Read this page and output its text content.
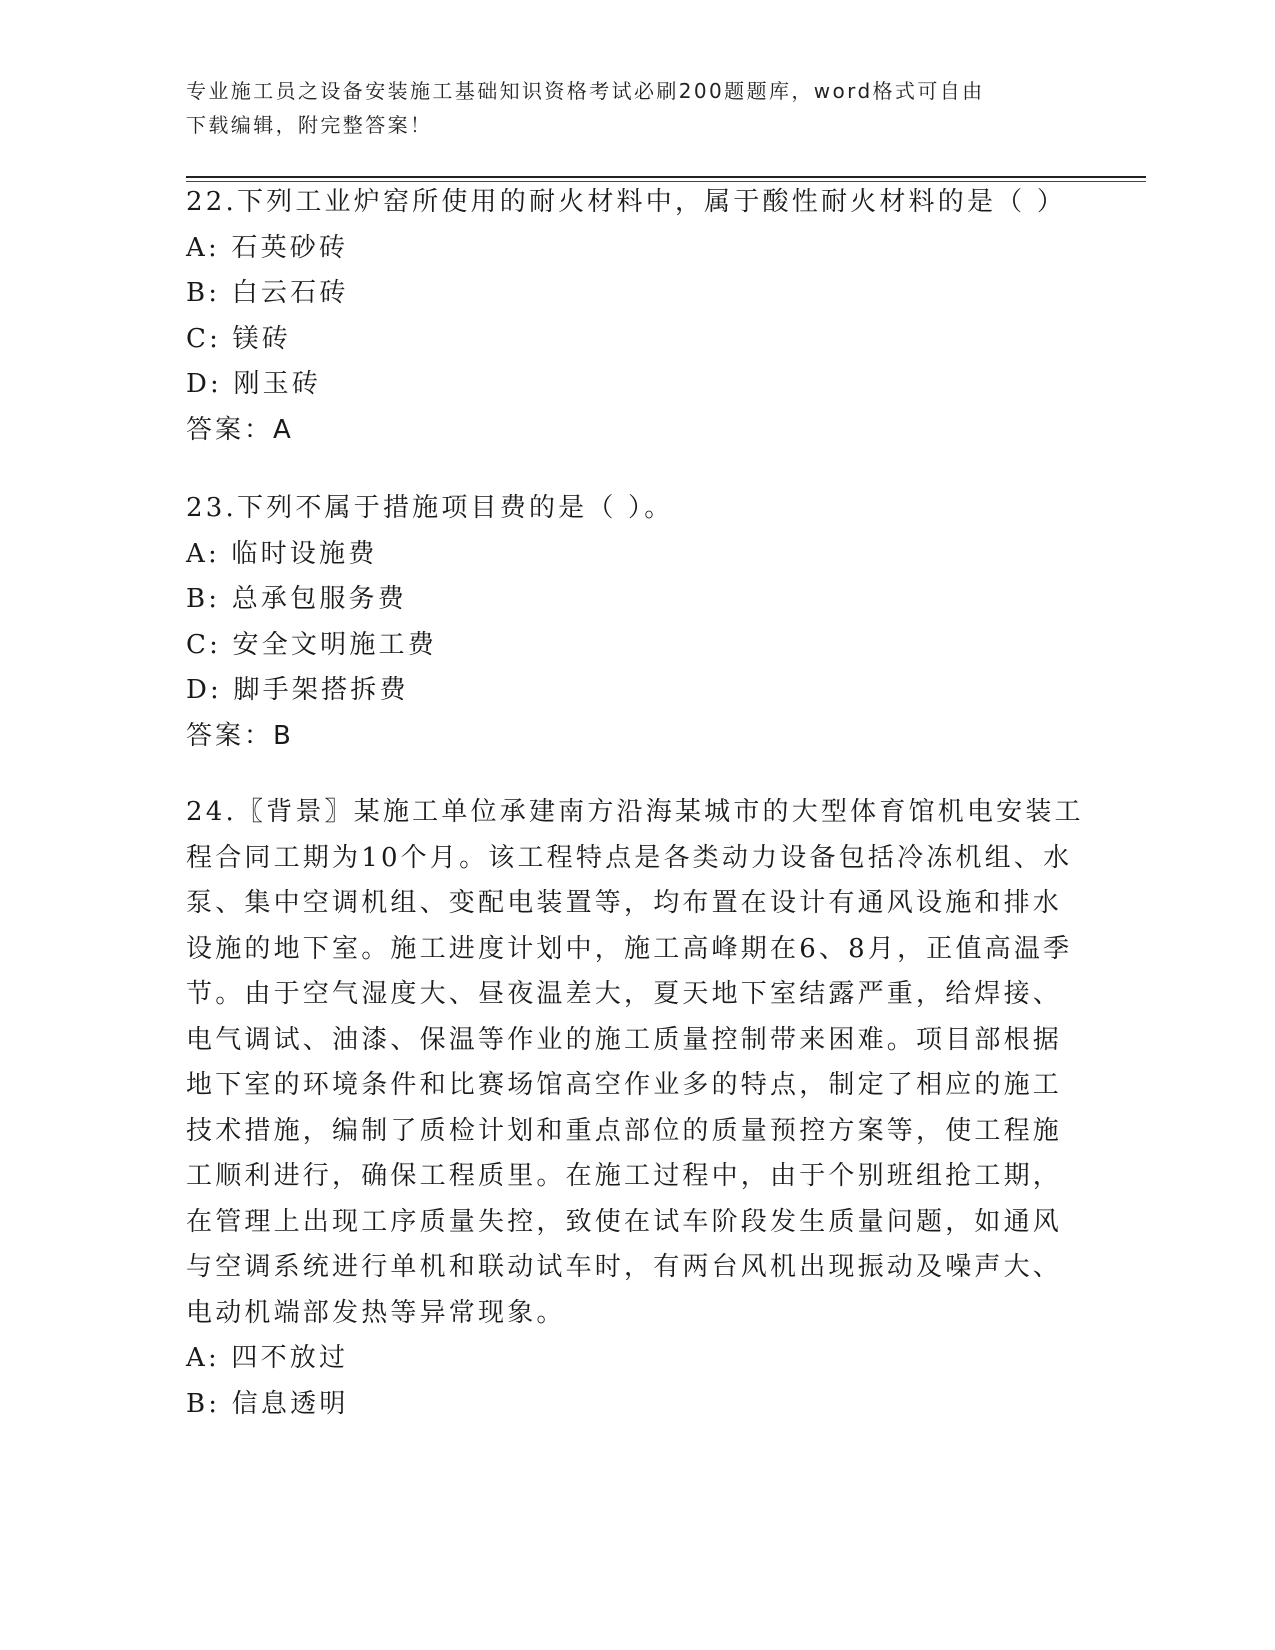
专业施工员之设备安装施工基础知识资格考试必刷200题题库，word格式可自由
下载编辑，附完整答案！
22.下列工业炉窑所使用的耐火材料中，属于酸性耐火材料的是（ ）
A: 石英砂砖
B: 白云石砖
C: 镁砖
D: 刚玉砖
答案：A
23.下列不属于措施项目费的是（ ）。
A: 临时设施费
B: 总承包服务费
C: 安全文明施工费
D: 脚手架搭拆费
答案：B
24.〖背景〗某施工单位承建南方沿海某城市的大型体育馆机电安装工
程合同工期为10个月。该工程特点是各类动力设备包括冷冻机组、水
泵、集中空调机组、变配电装置等，均布置在设计有通风设施和排水
设施的地下室。施工进度计划中，施工高峰期在6、8月，正值高温季
节。由于空气湿度大、昼夜温差大，夏天地下室结露严重，给焊接、
电气调试、油漆、保温等作业的施工质量控制带来困难。项目部根据
地下室的环境条件和比赛场馆高空作业多的特点，制定了相应的施工
技术措施，编制了质检计划和重点部位的质量预控方案等，使工程施
工顺利进行，确保工程质里。在施工过程中，由于个别班组抢工期，
在管理上出现工序质量失控，致使在试车阶段发生质量问题，如通风
与空调系统进行单机和联动试车时，有两台风机出现振动及噪声大、
电动机端部发热等异常现象。
A: 四不放过
B: 信息透明
